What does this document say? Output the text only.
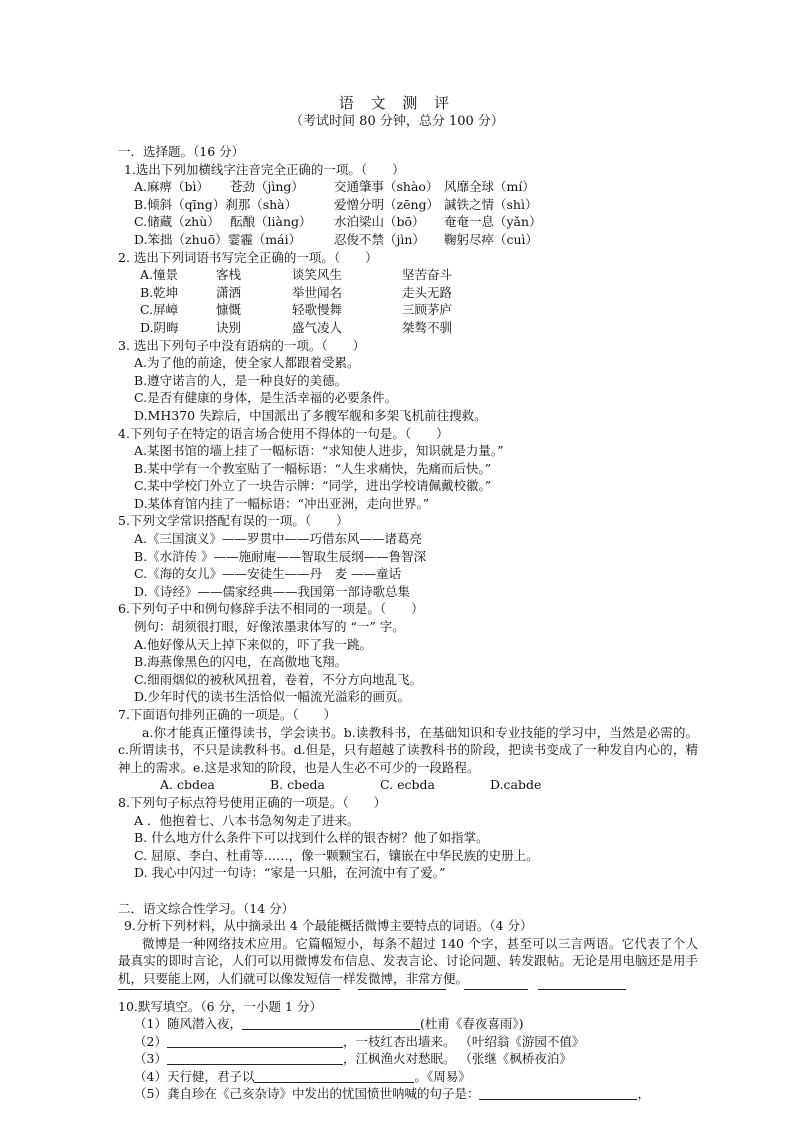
语 文 测 评
（考试时间 80 分钟，总分 100 分）
一．选择题。（16 分）
1.选出下列加横线字注音完全正确的一项。（　　）
A.麻痹（bì） 苍劲（jìng） 交通肇事（shào） 风靡全球（mí）
B.倾斜（qīng）刹那（shà）	爱憎分明（zēng） 諴铁之情（shì）
C.储藏（zhù） 酝酿（liàng） 水泊梁山（bō） 奄奄一息（yǎn）
D.笨拙（zhuō）霎霾（mái）	忍俊不禁（jìn） 鞠躬尽瘁（cuì）
2. 选出下列词语书写完全正确的一项。（　　）
A.憧景	客栈	谈笑风生	坚苦奋斗
B.乾坤	潇洒	举世闻名	走头无路
C.屏嶂	慷慨	轻歌慢舞	三顾茅庐
D.阴晦	诀别	盛气凌人	桀骜不驯
3. 选出下列句子中没有语病的一项。（　　）
A.为了他的前途，使全家人都跟着受累。
B.遵守诺言的人，是一种良好的美德。
C.是否有健康的身体，是生活幸福的必要条件。
D.MH370 失踪后，中国派出了多艘军舰和多架飞机前往搜救。
4.下列句子在特定的语言场合使用不得体的一句是。（　　）
A.某图书馆的墙上挂了一幅标语：“求知使人进步，知识就是力量。”
B.某中学有一个教室贴了一幅标语：“人生求痛快，先痛而后快。”
C.某中学校门外立了一块告示牌：“同学，进出学校请佩戴校徽。”
D.某体育馆内挂了一幅标语：“冲出亚洲，走向世界。”
5.下列文学常识搭配有误的一项。（　　）
A.《三国演义》——罗贯中——巧借东风——诸葛亮
B.《水浒传 》——施耐庵——智取生辰纲——鲁智深
C.《海的女儿》——安徒生——丹　麦 ——童话
D.《诗经》——儒家经典——我国第一部诗歌总集
6.下列句子中和例句修辞手法不相同的一项是。（　　）
例句：胡须很打眼，好像浓墨隶体写的 “一” 字。
A.他好像从天上掉下来似的，吓了我一跳。
B.海燕像黑色的闪电，在高傲地飞翔。
C.细雨烟似的被秋风扭着，卷着，不分方向地乱飞。
D.少年时代的读书生活恰似一幅流光溢彩的画页。
7.下面语句排列正确的一项是。（　　）
a.你才能真正懂得读书，学会读书。b.读教科书，在基础知识和专业技能的学习中，当然是必需的。c.所谓读书，不只是读教科书。d.但是，只有超越了读教科书的阶段，把读书变成了一种发自内心的，精神上的需求。e.这是求知的阶段，也是人生必不可少的一段路程。
A. cbdea	B. cbeda	C. ecbda	D.cabde
8.下列句子标点符号使用正确的一项是。（　　）
A ．他抱着七、八本书急匆匆走了进来。
B. 什么地方什么条件下可以找到什么样的银杏树？他了如指掌。
C. 屈原、李白、杜甫等……，像一颗颗宝石，镶嵌在中华民族的史册上。
D. 我心中闪过一句诗：“家是一只船，在河流中有了爱。”
二．语文综合性学习。（14 分）
9.分析下列材料，从中摘录出 4 个最能概括微博主要特点的词语。（4 分）
微博是一种网络技术应用。它篇幅短小，每条不超过 140 个字，甚至可以三言两语。它代表了个人最真实的即时言论，人们可以用微博发布信息、发表言论、讨论问题、转发跟帖。无论是用电脑还是用手机，只要能上网，人们就可以像发短信一样发微博，非常方便。
10.默写填空。（6 分，一小题 1 分）
（1）随风潜入夜，	(杜甫《春夜喜雨》)
（2）	，一枝红杏出墙来。 （叶绍翁《游园不值》
（3）	，江枫渔火对愁眠。 （张继《枫桥夜泊》
（4）天行健，君子以	。《周易》
（5）龚自珍在《己亥杂诗》中发出的忧国愤世呐喊的句子是：	，
